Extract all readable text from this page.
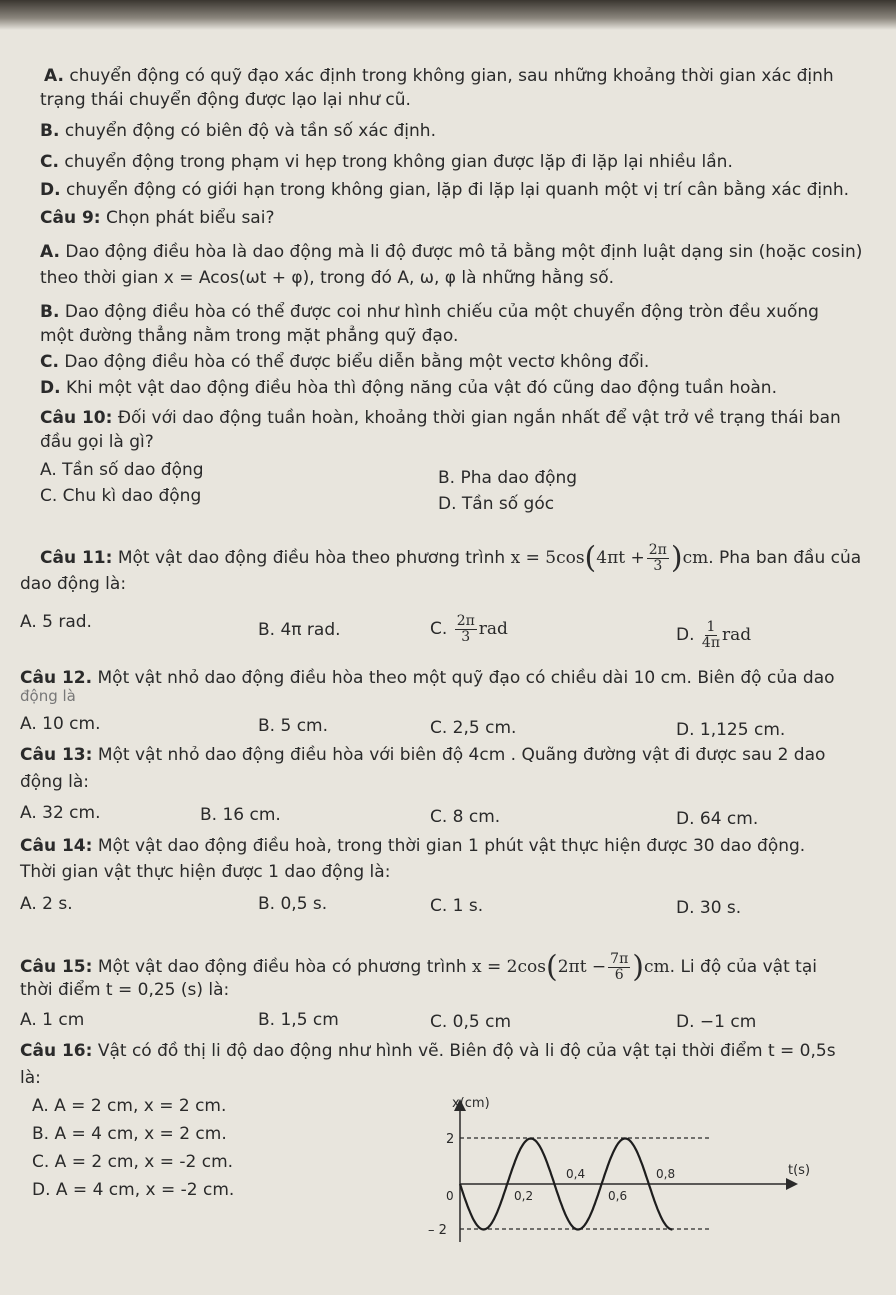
A. chuyển động có quỹ đạo xác định trong không gian, sau những khoảng thời gian xác định
trạng thái chuyển động được lạo lại như cũ.
B. chuyển động có biên độ và tần số xác định.
C. chuyển động trong phạm vi hẹp trong không gian được lặp đi lặp lại nhiều lần.
D. chuyển động có giới hạn trong không gian, lặp đi lặp lại quanh một vị trí cân bằng xác định.
Câu 9: Chọn phát biểu sai?
A. Dao động điều hòa là dao động mà li độ được mô tả bằng một định luật dạng sin (hoặc cosin)
theo thời gian x = Acos(ωt + φ), trong đó A, ω, φ là những hằng số.
B. Dao động điều hòa có thể được coi như hình chiếu của một chuyển động tròn đều xuống
một đường thẳng nằm trong mặt phẳng quỹ đạo.
C. Dao động điều hòa có thể được biểu diễn bằng một vectơ không đổi.
D. Khi một vật dao động điều hòa thì động năng của vật đó cũng dao động tuần hoàn.
Câu 10: Đối với dao động tuần hoàn, khoảng thời gian ngắn nhất để vật trở về trạng thái ban
đầu gọi là gì?
A. Tần số dao động	B. Pha dao động
C. Chu kì dao động	D. Tần số góc
Câu 11: Một vật dao động điều hòa theo phương trình $x = 5\cos(4\pi t + \frac{2\pi}{3} )cm$. Pha ban đầu của
dao động là:
A. 5 rad.	B. 4π rad.	C. $\frac{2\pi}{3}$ rad	D. $\frac{1}{4\pi}$ rad
Câu 12. Một vật nhỏ dao động điều hòa theo một quỹ đạo có chiều dài 10 cm. Biên độ của dao
động là
A. 10 cm.	B. 5 cm.	C. 2,5 cm.	D. 1,125 cm.
Câu 13: Một vật nhỏ dao động điều hòa với biên độ 4cm . Quãng đường vật đi được sau 2 dao
động là:
A. 32 cm.	B. 16 cm.	C. 8 cm.	D. 64 cm.
Câu 14: Một vật dao động điều hoà, trong thời gian 1 phút vật thực hiện được 30 dao động.
Thời gian vật thực hiện được 1 dao động là:
A. 2 s.	B. 0,5 s.	C. 1 s.	D. 30 s.
Câu 15: Một vật dao động điều hòa có phương trình $x = 2\cos(2\pi t - \frac{7\pi}{6} )cm$. Li độ của vật tại
thời điểm t = 0,25 (s) là:
A. 1 cm	B. 1,5 cm	C. 0,5 cm	D. −1 cm
Câu 16: Vật có đồ thị li độ dao động như hình vẽ. Biên độ và li độ của vật tại thời điểm t = 0,5s
là:
A. A = 2 cm, x = 2 cm.
B. A = 4 cm, x = 2 cm.
C. A = 2 cm, x = -2 cm.
D. A = 4 cm, x = -2 cm.
x(cm)
t(s)
2
– 2
0	0,2
0,4
0,6
0,8
